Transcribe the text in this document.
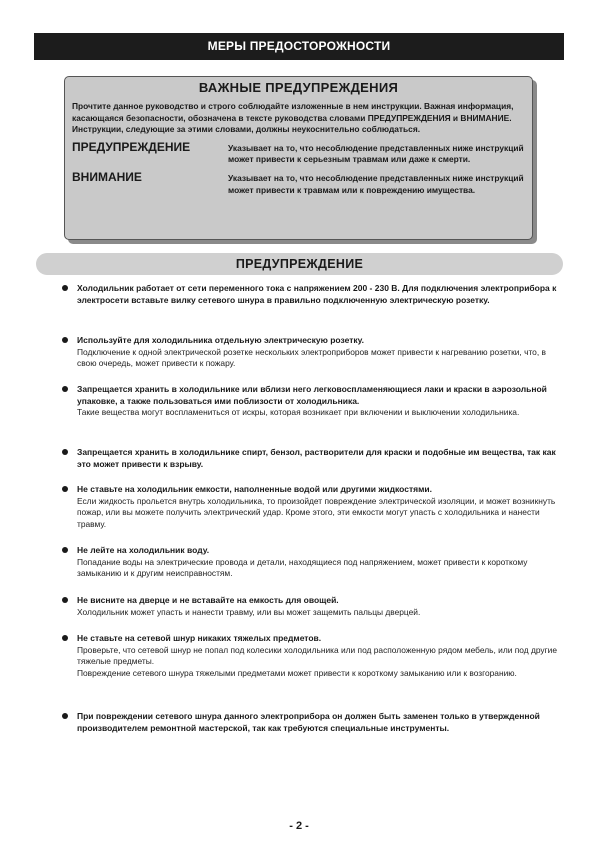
МЕРЫ ПРЕДОСТОРОЖНОСТИ
ВАЖНЫЕ ПРЕДУПРЕЖДЕНИЯ
Прочтите данное руководство и строго соблюдайте изложенные в нем инструкции. Важная информация, касающаяся безопасности, обозначена в тексте руководства словами ПРЕДУПРЕЖДЕНИЯ и ВНИМАНИЕ. Инструкции, следующие за этими словами, должны неукоснительно соблюдаться.
ПРЕДУПРЕЖДЕНИЕ	Указывает на то, что несоблюдение представленных ниже инструкций может привести к серьезным травмам или даже к смерти.
ВНИМАНИЕ	Указывает на то, что несоблюдение представленных ниже инструкций может привести к травмам или к повреждению имущества.
ПРЕДУПРЕЖДЕНИЕ
Холодильник работает от сети переменного тока с напряжением 200 - 230 В. Для подключения электроприбора к электросети вставьте вилку сетевого шнура в правильно подключенную электрическую розетку.
Используйте для холодильника отдельную электрическую розетку.
Подключение к одной электрической розетке нескольких электроприборов может привести к нагреванию розетки, что, в свою очередь, может привести к пожару.
Запрещается хранить в холодильнике или вблизи него легковоспламеняющиеся лаки и краски в аэрозольной упаковке, а также пользоваться ими поблизости от холодильника.
Такие вещества могут воспламениться от искры, которая возникает при включении и выключении холодильника.
Запрещается хранить в холодильнике спирт, бензол, растворители для краски и подобные им вещества, так как это может привести к взрыву.
Не ставьте на холодильник емкости, наполненные водой или другими жидкостями.
Если жидкость прольется внутрь холодильника, то произойдет повреждение электрической изоляции, и может возникнуть пожар, или вы можете получить электрический удар. Кроме этого, эти емкости могут упасть с холодильника и нанести травму.
Не лейте на холодильник воду.
Попадание воды на электрические провода и детали, находящиеся под напряжением, может привести к короткому замыканию и к другим неисправностям.
Не висните на дверце и не вставайте на емкость для овощей.
Холодильник может упасть и нанести травму, или вы может защемить пальцы дверцей.
Не ставьте на сетевой шнур никаких тяжелых предметов.
Проверьте, что сетевой шнур не попал под колесики холодильника или под расположенную рядом мебель, или под другие тяжелые предметы.
Повреждение сетевого шнура тяжелыми предметами может привести к короткому замыканию или к возгоранию.
При повреждении сетевого шнура данного электроприбора он должен быть заменен только в утвержденной производителем ремонтной мастерской, так как требуются специальные инструменты.
- 2 -
